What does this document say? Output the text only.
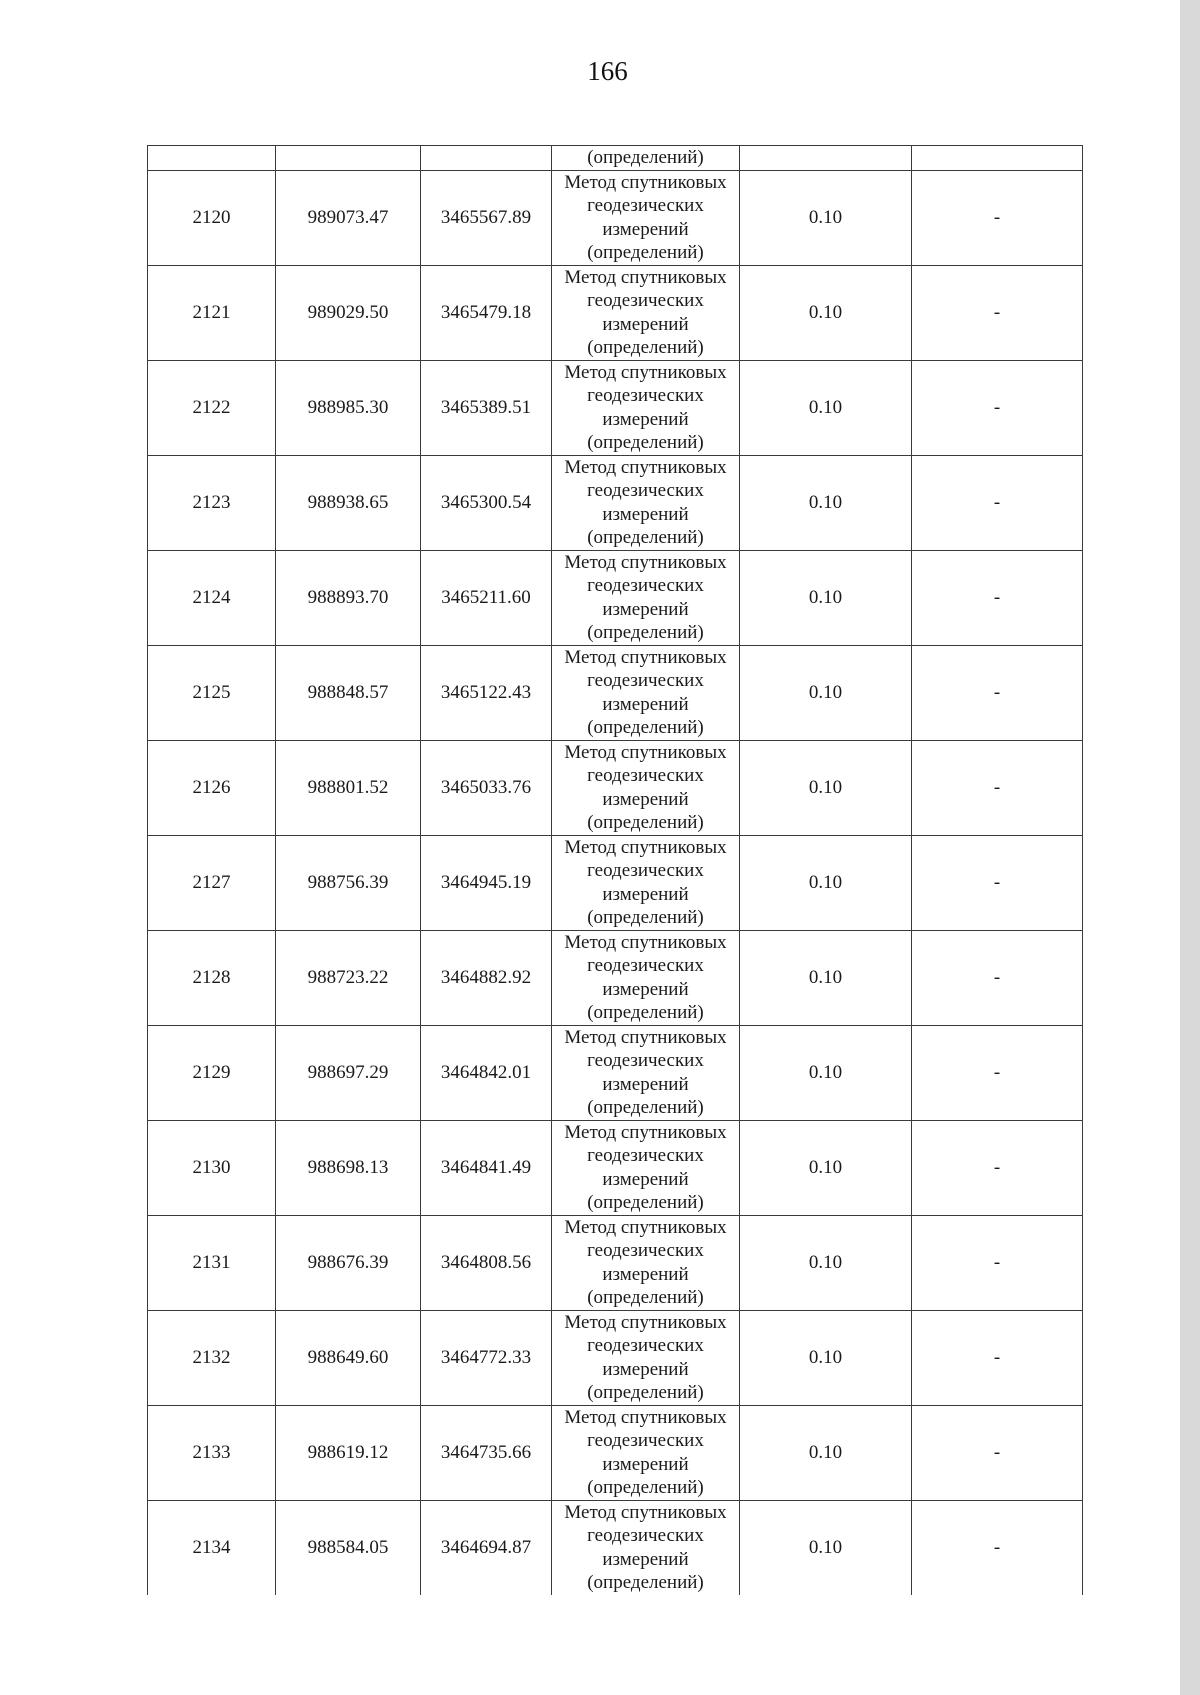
166
			(определений)		
2120	989073.47	3465567.89	Метод спутниковых
геодезических
измерений
(определений)	0.10	-
2121	989029.50	3465479.18	Метод спутниковых
геодезических
измерений
(определений)	0.10	-
2122	988985.30	3465389.51	Метод спутниковых
геодезических
измерений
(определений)	0.10	-
2123	988938.65	3465300.54	Метод спутниковых
геодезических
измерений
(определений)	0.10	-
2124	988893.70	3465211.60	Метод спутниковых
геодезических
измерений
(определений)	0.10	-
2125	988848.57	3465122.43	Метод спутниковых
геодезических
измерений
(определений)	0.10	-
2126	988801.52	3465033.76	Метод спутниковых
геодезических
измерений
(определений)	0.10	-
2127	988756.39	3464945.19	Метод спутниковых
геодезических
измерений
(определений)	0.10	-
2128	988723.22	3464882.92	Метод спутниковых
геодезических
измерений
(определений)	0.10	-
2129	988697.29	3464842.01	Метод спутниковых
геодезических
измерений
(определений)	0.10	-
2130	988698.13	3464841.49	Метод спутниковых
геодезических
измерений
(определений)	0.10	-
2131	988676.39	3464808.56	Метод спутниковых
геодезических
измерений
(определений)	0.10	-
2132	988649.60	3464772.33	Метод спутниковых
геодезических
измерений
(определений)	0.10	-
2133	988619.12	3464735.66	Метод спутниковых
геодезических
измерений
(определений)	0.10	-
2134	988584.05	3464694.87	Метод спутниковых
геодезических
измерений
(определений)	0.10	-
